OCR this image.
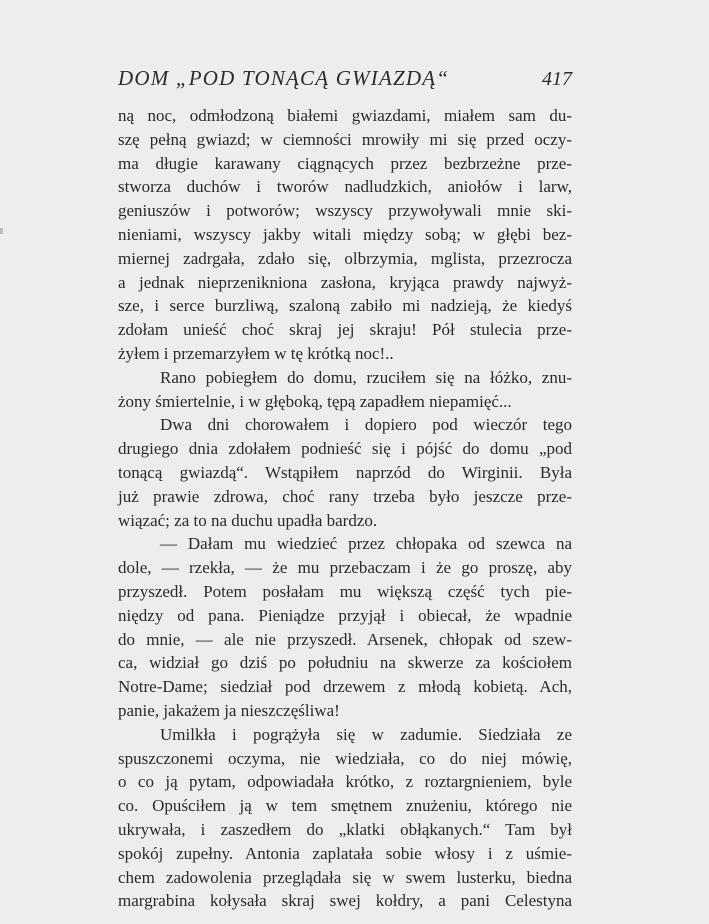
DOM „POD TONĄCĄ GWIAZDĄ“	417
ną noc, odmłodzoną białemi gwiazdami, miałem sam du-
szę pełną gwiazd; w ciemności mrowiły mi się przed oczy-
ma długie karawany ciągnących przez bezbrzeżne prze-
stworza duchów i tworów nadludzkich, aniołów i larw,
geniuszów i potworów; wszyscy przywoływali mnie ski-
nieniami, wszyscy jakby witali między sobą; w głębi bez-
miernej zadrgała, zdało się, olbrzymia, mglista, przezrocza
a jednak nieprzenikniona zasłona, kryjąca prawdy najwyż-
sze, i serce burzliwą, szaloną zabiło mi nadzieją, że kiedyś
zdołam unieść choć skraj jej skraju! Pół stulecia prze-
żyłem i przemarzyłem w tę krótką noc!..
Rano pobiegłem do domu, rzuciłem się na łóżko, znu-
żony śmiertelnie, i w głęboką, tępą zapadłem niepamięć...
Dwa dni chorowałem i dopiero pod wieczór tego
drugiego dnia zdołałem podnieść się i pójść do domu „pod
tonącą gwiazdą“. Wstąpiłem naprzód do Wirginii. Była
już prawie zdrowa, choć rany trzeba było jeszcze prze-
wiązać; za to na duchu upadła bardzo.
— Dałam mu wiedzieć przez chłopaka od szewca na
dole, — rzekła, — że mu przebaczam i że go proszę, aby
przyszedł. Potem posłałam mu większą część tych pie-
niędzy od pana. Pieniądze przyjął i obiecał, że wpadnie
do mnie, — ale nie przyszedł. Arsenek, chłopak od szew-
ca, widział go dziś po południu na skwerze za kościołem
Notre-Dame; siedział pod drzewem z młodą kobietą. Ach,
panie, jakażem ja nieszczęśliwa!
Umilkła i pogrążyła się w zadumie. Siedziała ze
spuszczonemi oczyma, nie wiedziała, co do niej mówię,
o co ją pytam, odpowiadała krótko, z roztargnieniem, byle
co. Opuściłem ją w tem smętnem znużeniu, którego nie
ukrywała, i zaszedłem do „klatki obłąkanych.“ Tam był
spokój zupełny. Antonia zaplatała sobie włosy i z uśmie-
chem zadowolenia przeglądała się w swem lusterku, biedna
margrabina kołysała skraj swej kołdry, a pani Celestyna
